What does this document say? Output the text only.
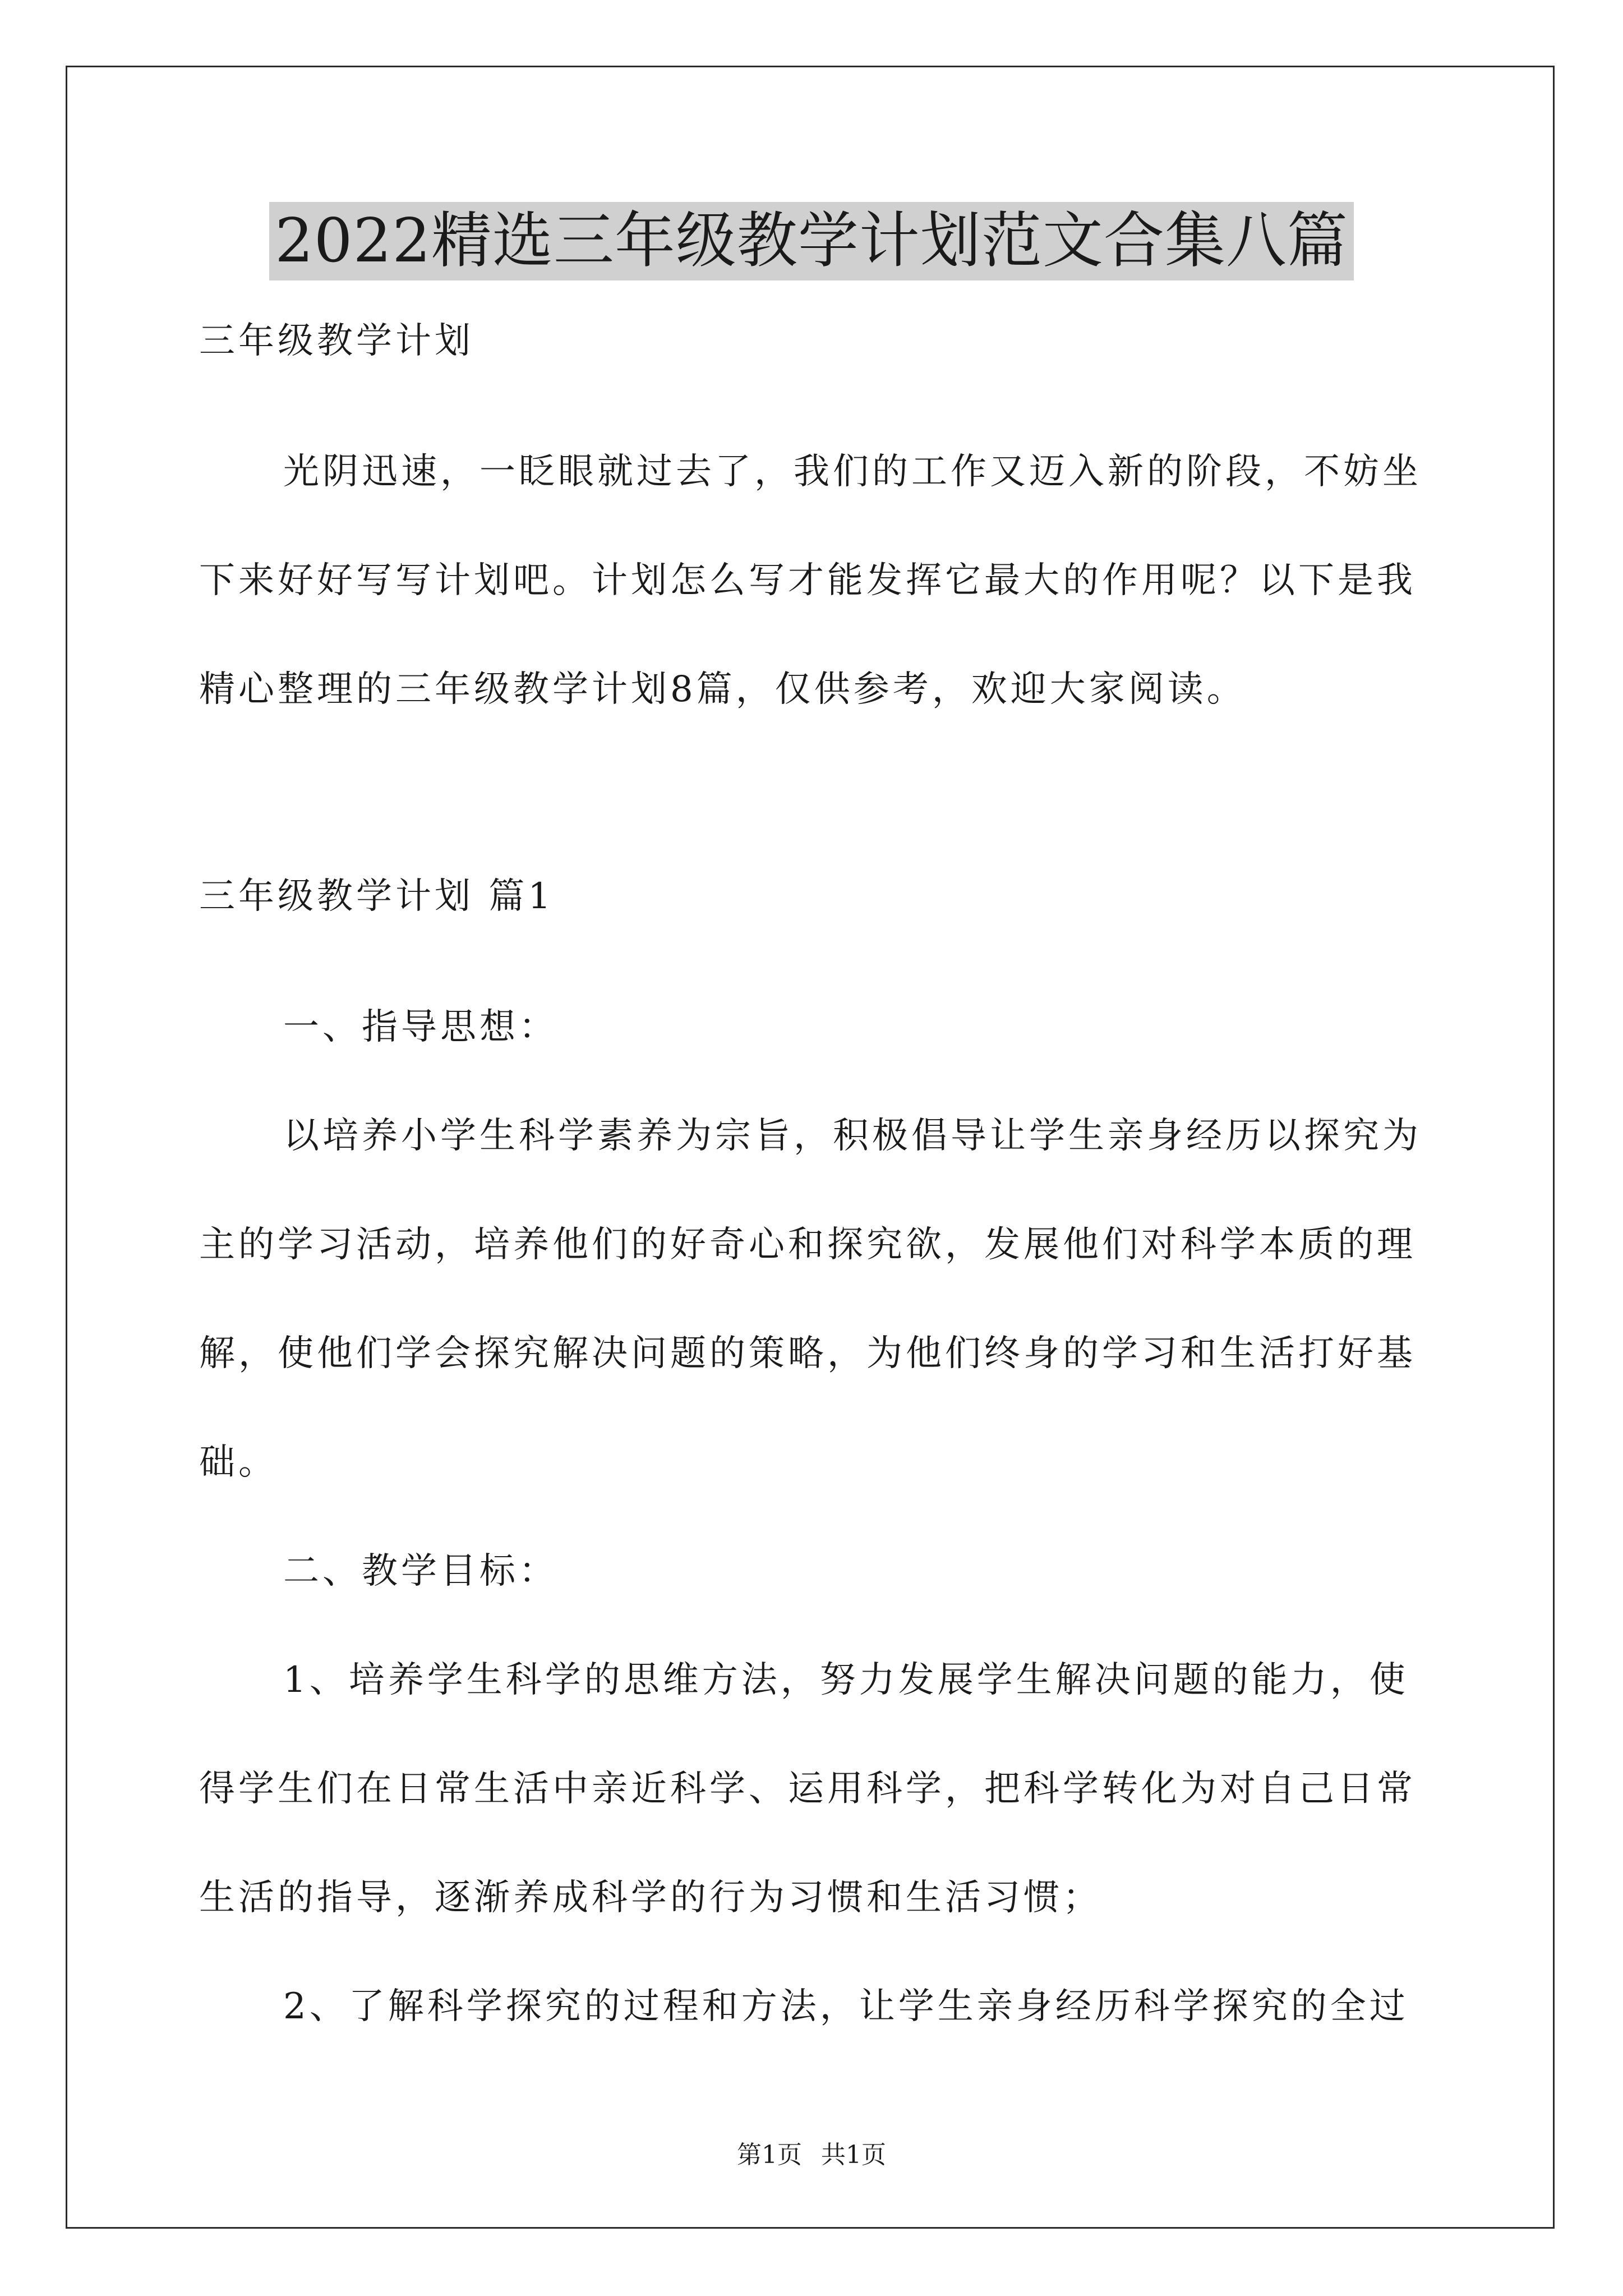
2022精选三年级教学计划范文合集八篇
三年级教学计划

光阴迅速，一眨眼就过去了，我们的工作又迈入新的阶段，不妨坐下来好好写写计划吧。计划怎么写才能发挥它最大的作用呢？以下是我精心整理的三年级教学计划8篇，仅供参考，欢迎大家阅读。

三年级教学计划 篇1

一、指导思想：

以培养小学生科学素养为宗旨，积极倡导让学生亲身经历以探究为主的学习活动，培养他们的好奇心和探究欲，发展他们对科学本质的理解，使他们学会探究解决问题的策略，为他们终身的学习和生活打好基础。

二、教学目标：

1、培养学生科学的思维方法，努力发展学生解决问题的能力，使得学生们在日常生活中亲近科学、运用科学，把科学转化为对自己日常生活的指导，逐渐养成科学的行为习惯和生活习惯；

2、了解科学探究的过程和方法，让学生亲身经历科学探究的全过

第1页 共1页
